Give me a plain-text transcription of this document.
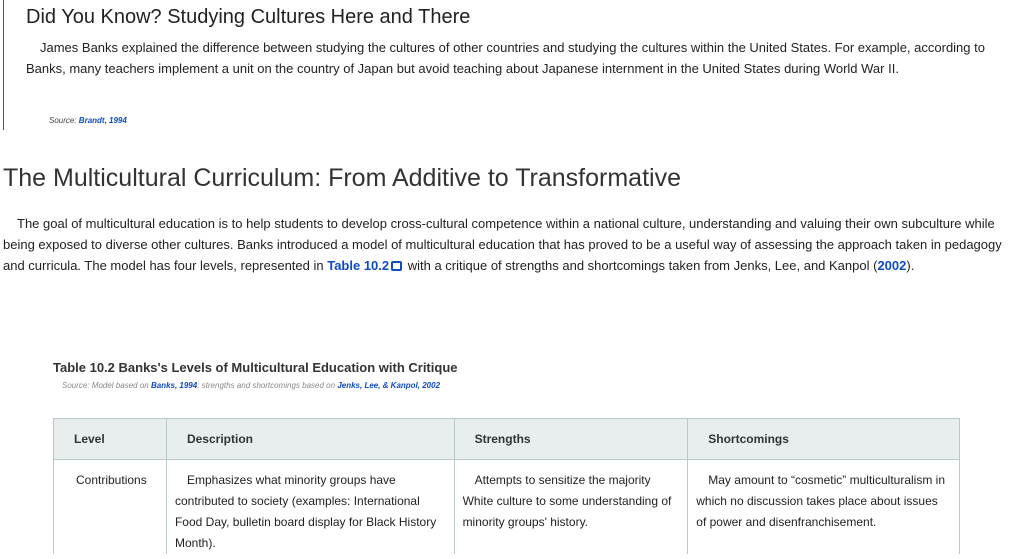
Did You Know? Studying Cultures Here and There

James Banks explained the difference between studying the cultures of other countries and studying the cultures within the United States. For example, according to Banks, many teachers implement a unit on the country of Japan but avoid teaching about Japanese internment in the United States during World War II.

Source: Brandt, 1994
The Multicultural Curriculum: From Additive to Transformative

The goal of multicultural education is to help students to develop cross-cultural competence within a national culture, understanding and valuing their own subculture while being exposed to diverse other cultures. Banks introduced a model of multicultural education that has proved to be a useful way of assessing the approach taken in pedagogy and curricula. The model has four levels, represented in Table 10.2 with a critique of strengths and shortcomings taken from Jenks, Lee, and Kanpol (2002).

Table 10.2 Banks's Levels of Multicultural Education with Critique
Source: Model based on Banks, 1994; strengths and shortcomings based on Jenks, Lee, & Kanpol, 2002
Level	Description	Strengths	Shortcomings
Contributions	Emphasizes what minority groups have contributed to society (examples: International Food Day, bulletin board display for Black History Month).	Attempts to sensitize the majority White culture to some understanding of minority groups' history.	May amount to “cosmetic” multiculturalism in which no discussion takes place about issues of power and disenfranchisement.
